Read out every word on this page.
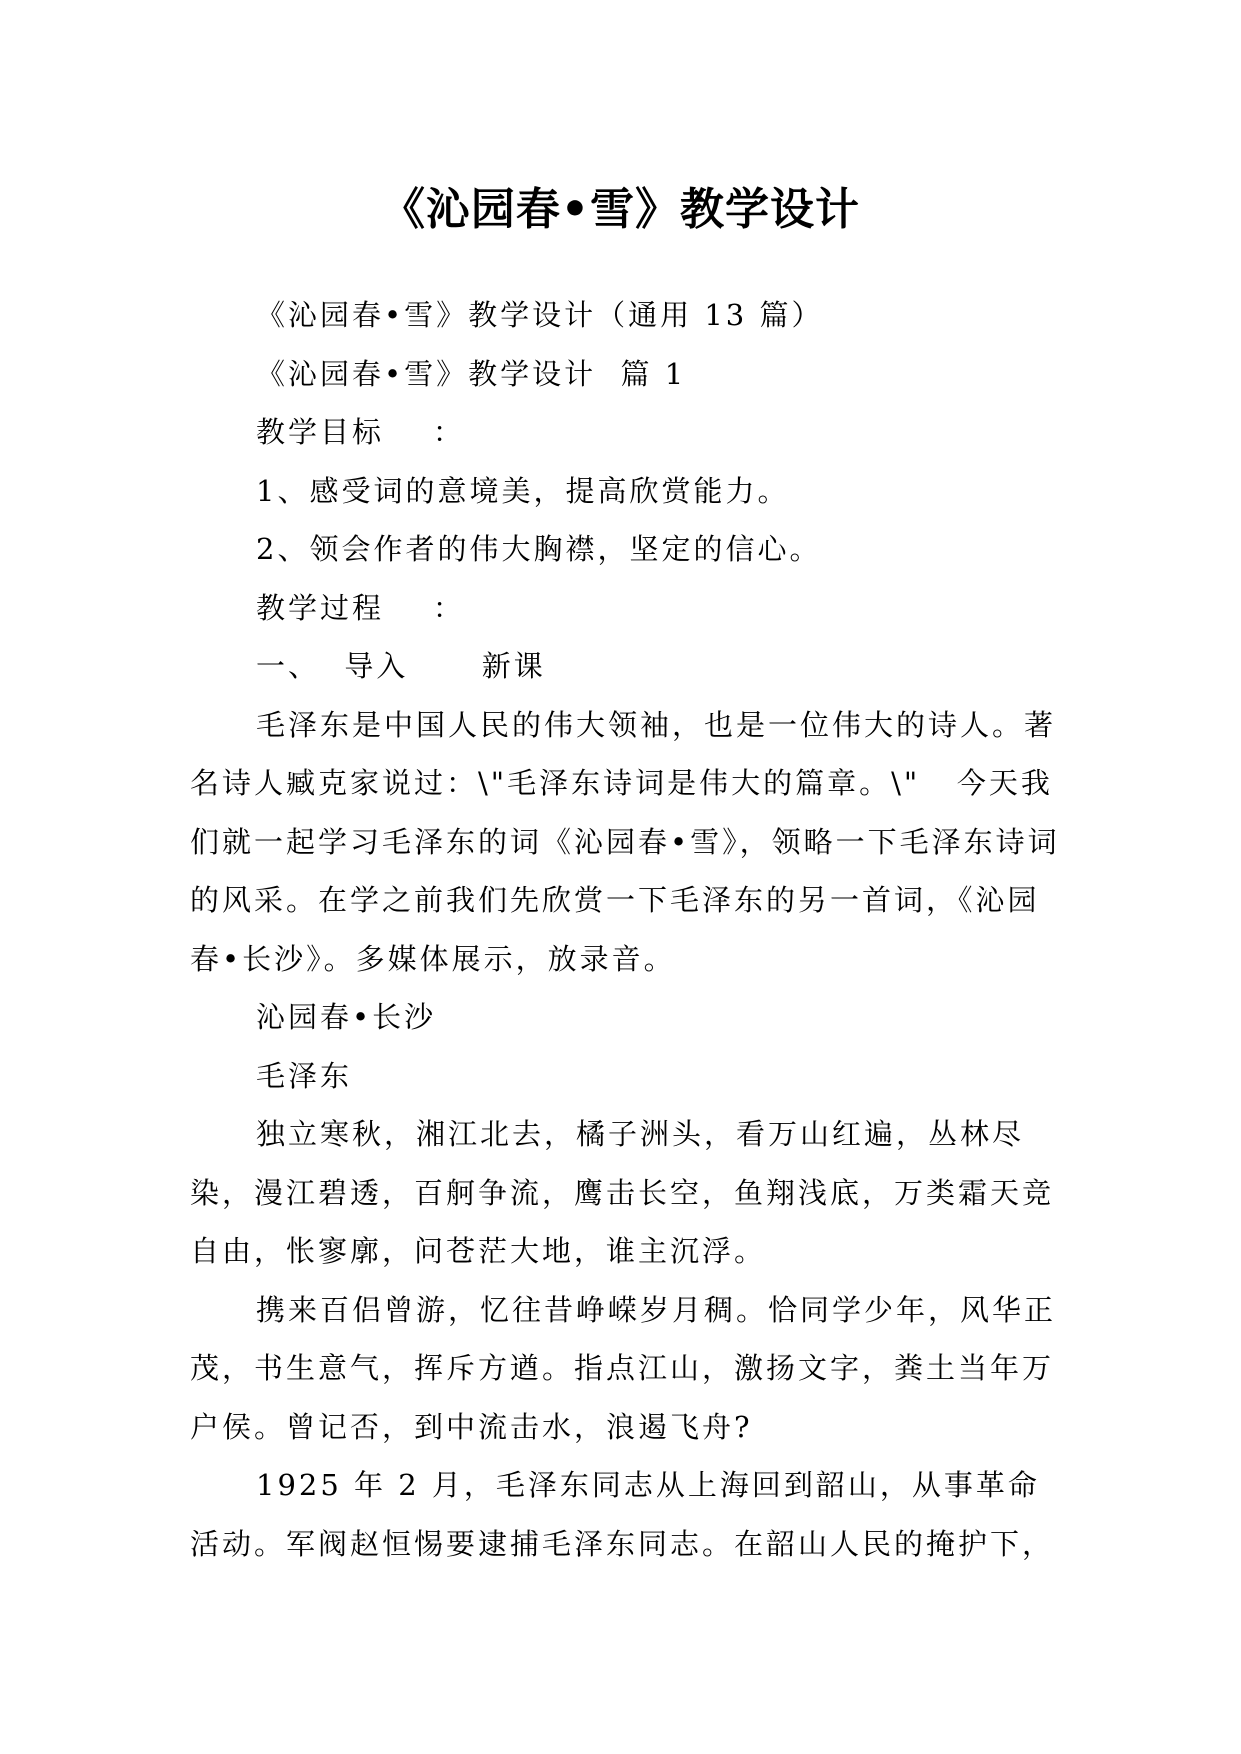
《沁园春•雪》教学设计

《沁园春•雪》教学设计（通用 13 篇）

《沁园春•雪》教学设计  篇 1

教学目标    ：

1、感受词的意境美，提高欣赏能力。

2、领会作者的伟大胸襟，坚定的信心。

教学过程    ：

一、  导入      新课

毛泽东是中国人民的伟大领袖，也是一位伟大的诗人。著名诗人臧克家说过：\"毛泽东诗词是伟大的篇章。\"   今天我们就一起学习毛泽东的词《沁园春•雪》，领略一下毛泽东诗词的风采。在学之前我们先欣赏一下毛泽东的另一首词，《沁园春•长沙》。多媒体展示，放录音。

沁园春•长沙

毛泽东

独立寒秋，湘江北去，橘子洲头，看万山红遍，丛林尽染，漫江碧透，百舸争流，鹰击长空，鱼翔浅底，万类霜天竞自由，怅寥廓，问苍茫大地，谁主沉浮。

携来百侣曾游，忆往昔峥嵘岁月稠。恰同学少年，风华正茂，书生意气，挥斥方遒。指点江山，激扬文字，粪土当年万户侯。曾记否，到中流击水，浪遏飞舟?

1925 年 2 月，毛泽东同志从上海回到韶山，从事革命活动。军阀赵恒惕要逮捕毛泽东同志。在韶山人民的掩护下，
